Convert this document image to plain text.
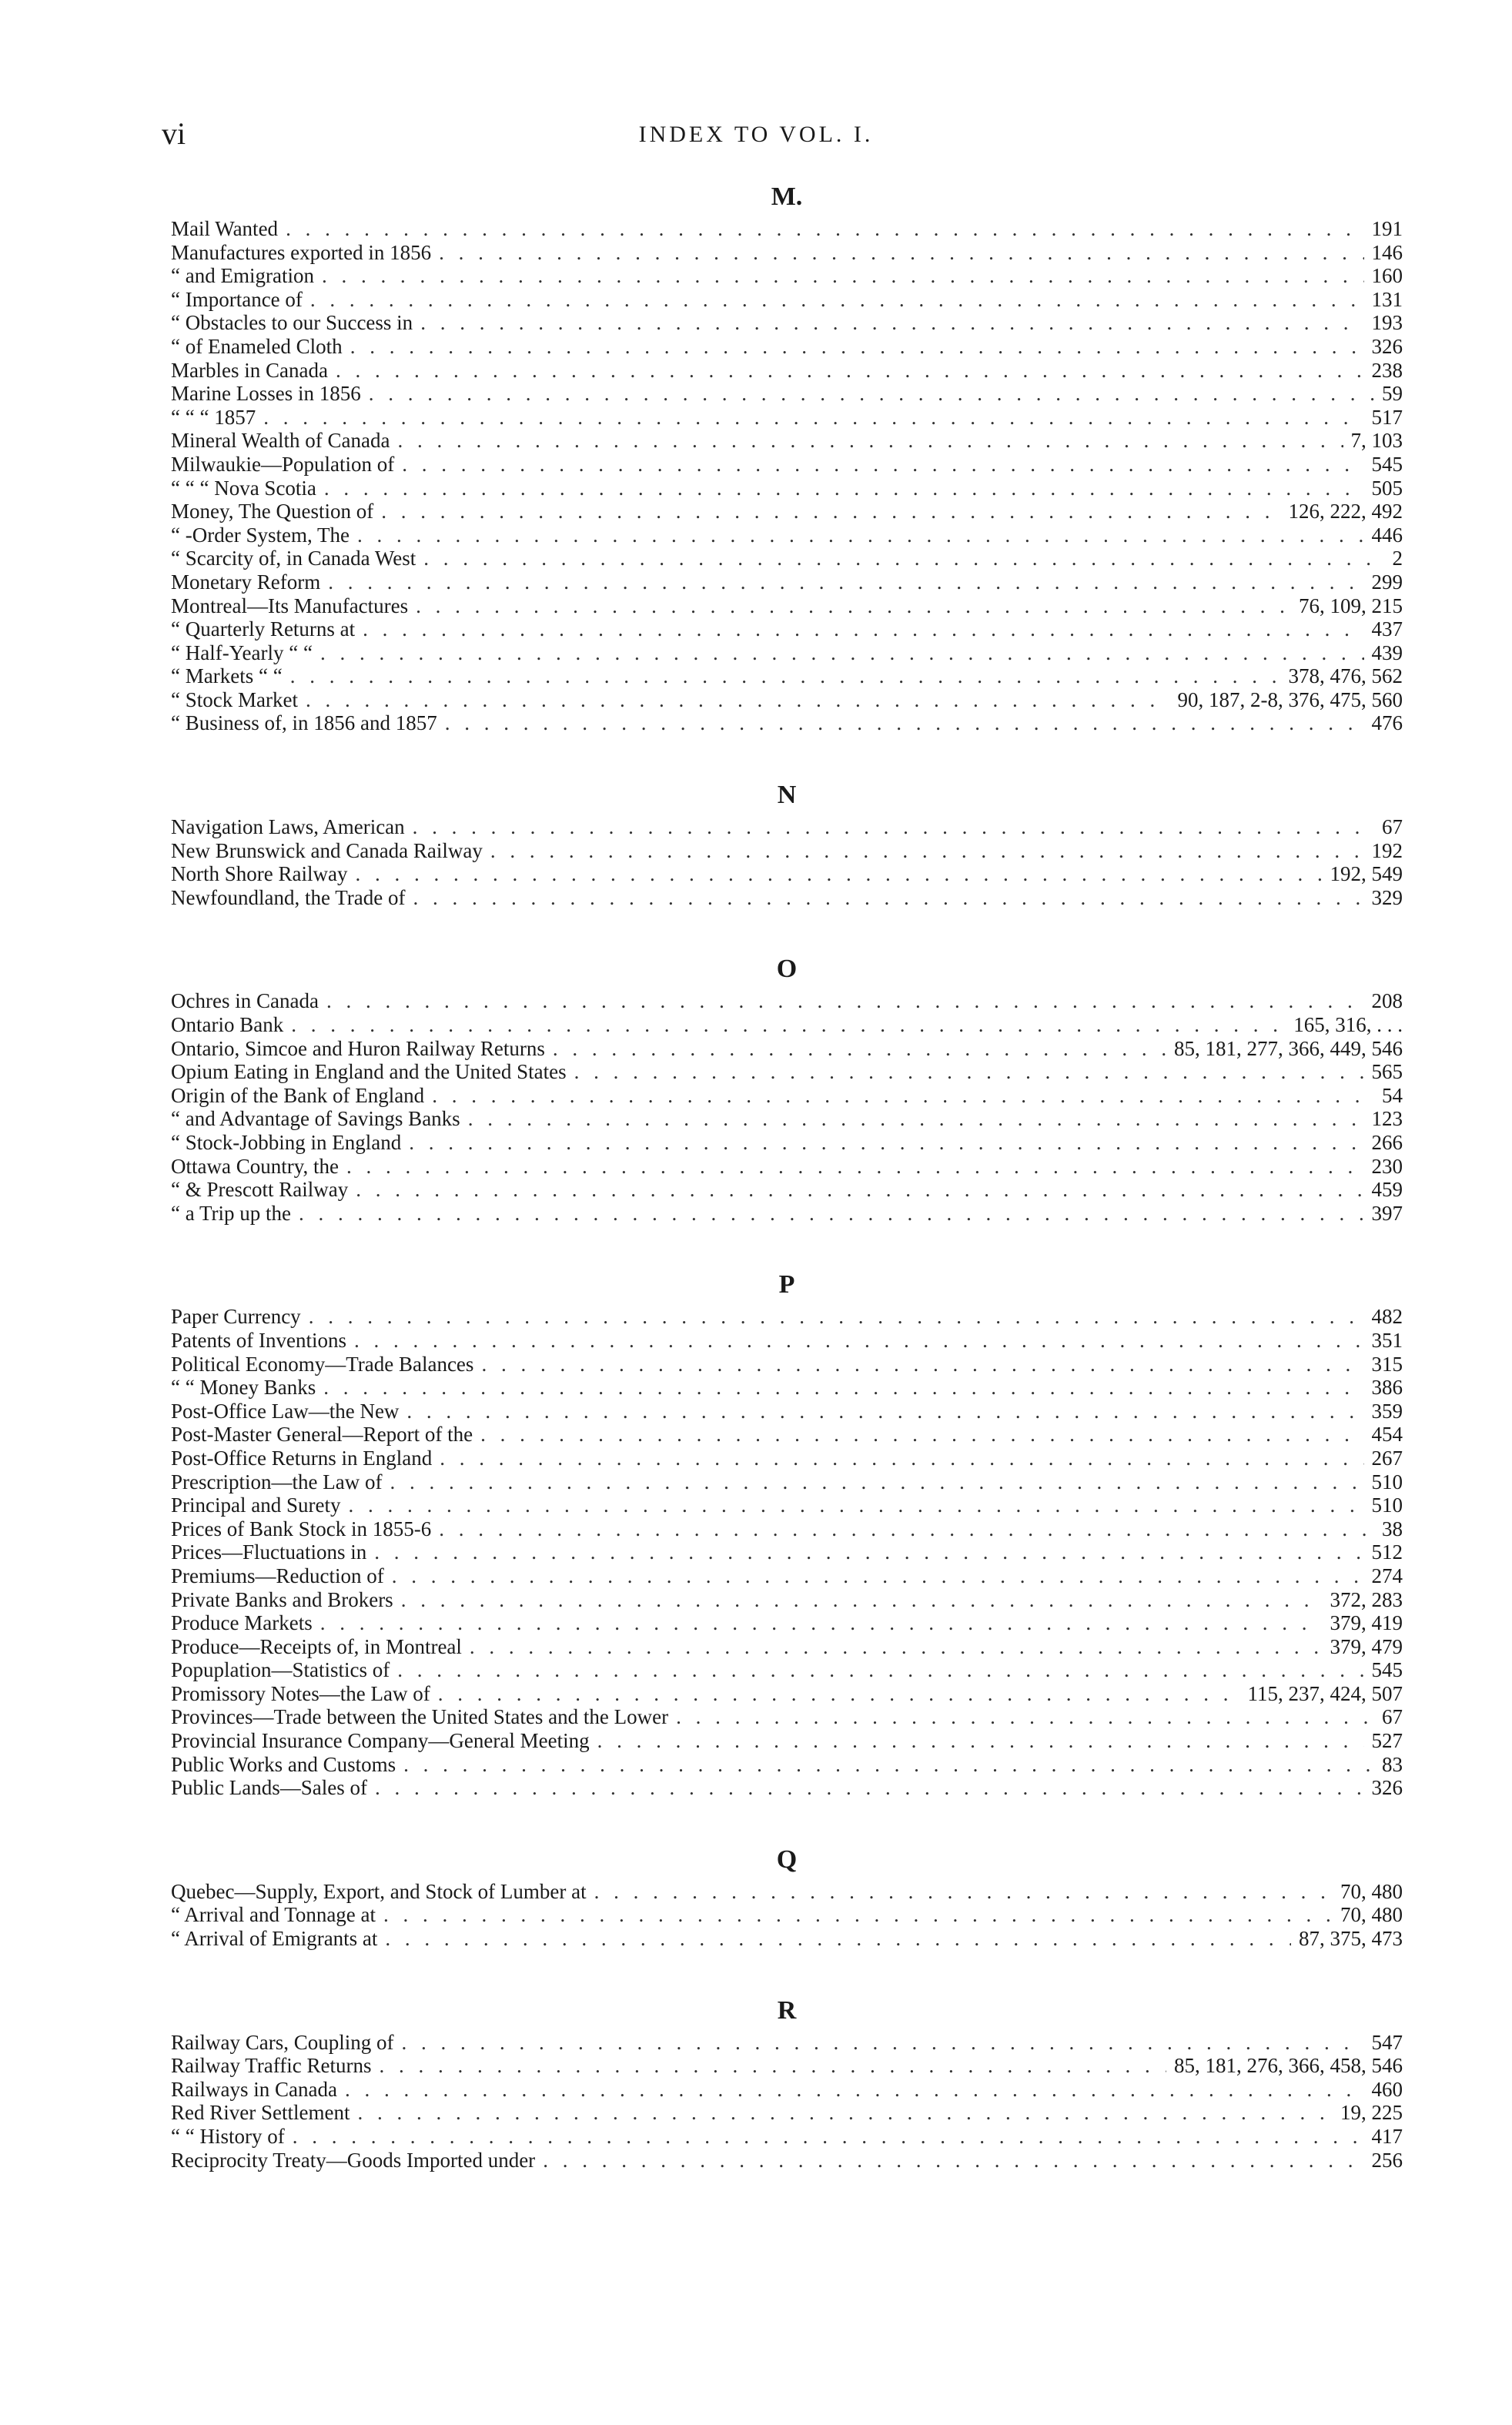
vi	INDEX TO VOL. I.
M.
Mail Wanted . . .	191
Manufactures exported in 1856 . . .	146
“ and Emigration . . .	160
“ Importance of . . .	131
“ Obstacles to our Success in . . .	193
“ of Enameled Cloth . . .	326
Marbles in Canada . . .	238
Marine Losses in 1856 . . .	59
“ “ “ 1857 . . .	517
Mineral Wealth of Canada . . .	7, 103
Milwaukie—Population of . . .	545
“ “ “ Nova Scotia . . .	505
Money, The Question of . . .	126, 222, 492
“ -Order System, The . . .	446
“ Scarcity of, in Canada West . . .	2
Monetary Reform . . .	299
Montreal—Its Manufactures . . .	76, 109, 215
“ Quarterly Returns at . . .	437
“ Half-Yearly “ “ . . .	439
“ Markets “ “ . . .	378, 476, 562
“ Stock Market . . .	90, 187, 2-8, 376, 475, 560
“ Business of, in 1856 and 1857 . . .	476
N
Navigation Laws, American . . .	67
New Brunswick and Canada Railway . . .	192
North Shore Railway . . .	192, 549
Newfoundland, the Trade of . . .	329
O
Ochres in Canada . . .	208
Ontario Bank . . .	165, 316, . . .
Ontario, Simcoe and Huron Railway Returns . . .	85, 181, 277, 366, 449, 546
Opium Eating in England and the United States . . .	565
Origin of the Bank of England . . .	54
“ and Advantage of Savings Banks . . .	123
“ Stock-Jobbing in England . . .	266
Ottawa Country, the . . .	230
“ & Prescott Railway . . .	459
“ a Trip up the . . .	397
P
Paper Currency . . .	482
Patents of Inventions . . .	351
Political Economy—Trade Balances . . .	315
“ “ Money Banks . . .	386
Post-Office Law—the New . . .	359
Post-Master General—Report of the . . .	454
Post-Office Returns in England . . .	267
Prescription—the Law of . . .	510
Principal and Surety . . .	510
Prices of Bank Stock in 1855-6 . . .	38
Prices—Fluctuations in . . .	512
Premiums—Reduction of . . .	274
Private Banks and Brokers . . .	372, 283
Produce Markets . . .	379, 419
Produce—Receipts of, in Montreal . . .	379, 479
Popuplation—Statistics of . . .	545
Promissory Notes—the Law of . . .	115, 237, 424, 507
Provinces—Trade between the United States and the Lower . . .	67
Provincial Insurance Company—General Meeting . . .	527
Public Works and Customs . . .	83
Public Lands—Sales of . . .	326
Q
Quebec—Supply, Export, and Stock of Lumber at . . .	70, 480
“ Arrival and Tonnage at . . .	70, 480
“ Arrival of Emigrants at . . .	87, 375, 473
R
Railway Cars, Coupling of . . .	547
Railway Traffic Returns . . .	85, 181, 276, 366, 458, 546
Railways in Canada . . .	460
Red River Settlement . . .	19, 225
“ “ History of . . .	417
Reciprocity Treaty—Goods Imported under . . .	256
